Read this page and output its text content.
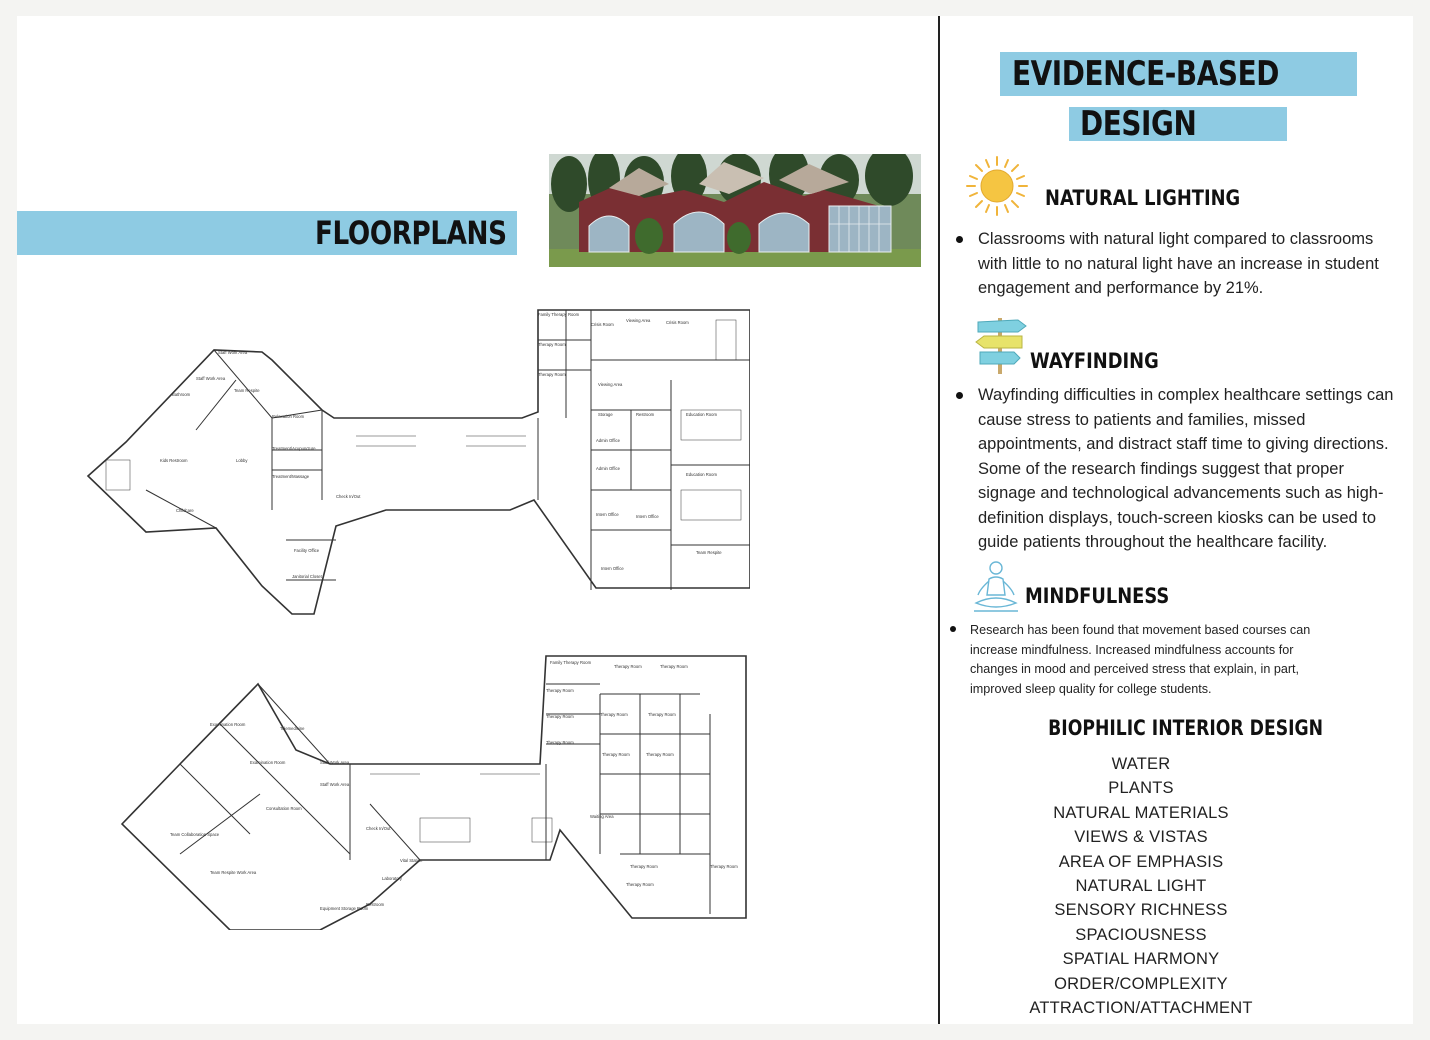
FLOORPLANS
Staff Work Area
Staff Work Area
Team Respite
Bathroom
Relaxation Room
Treatment/Acupuncture
Treatment/Massage
Lobby
Kids Restroom
Childcare
Check In/Out
Facility Office
Janitorial Closet
Family Therapy Room
Crisis Room
Viewing Area	Crisis Room
Therapy Room
Therapy Room
Viewing Area
Storage	Restroom
Admin Office
Admin Office
Education Room
Education Room
Intern Office	Intern Office
Intern Office
Team Respite
Family Therapy Room
Therapy Room	Therapy Room
Therapy Room
Therapy Room
Therapy Room
Therapy Room	Therapy Room
Therapy Room	Therapy Room
Telemedicine
Examination Room
Examination Room
Consultation Room
Staff Work Area
Staff Work Area
Team Collaboration Space
Team Respite Work Area
Check In/Out
Vital Station
Laboratory
Restroom
Equipment Storage Room
Waiting Area
Therapy Room	Therapy Room
Therapy Room
EVIDENCE-BASED
DESIGN
NATURAL LIGHTING
Classrooms with natural light compared to classrooms with little to no natural light have an increase in student engagement and performance by 21%.
WAYFINDING
Wayfinding difficulties in complex healthcare settings can cause stress to patients and families, missed appointments, and distract staff time to giving directions. Some of the research findings suggest that proper signage and technological advancements such as high-definition displays, touch-screen kiosks can be used to guide patients throughout the healthcare facility.
MINDFULNESS
Research has been found that movement based courses can increase mindfulness. Increased mindfulness accounts for changes in mood and perceived stress that explain, in part, improved sleep quality for college students.
BIOPHILIC INTERIOR DESIGN
WATER
PLANTS
NATURAL MATERIALS
VIEWS & VISTAS
AREA OF EMPHASIS
NATURAL LIGHT
SENSORY RICHNESS
SPACIOUSNESS
SPATIAL HARMONY
ORDER/COMPLEXITY
ATTRACTION/ATTACHMENT
